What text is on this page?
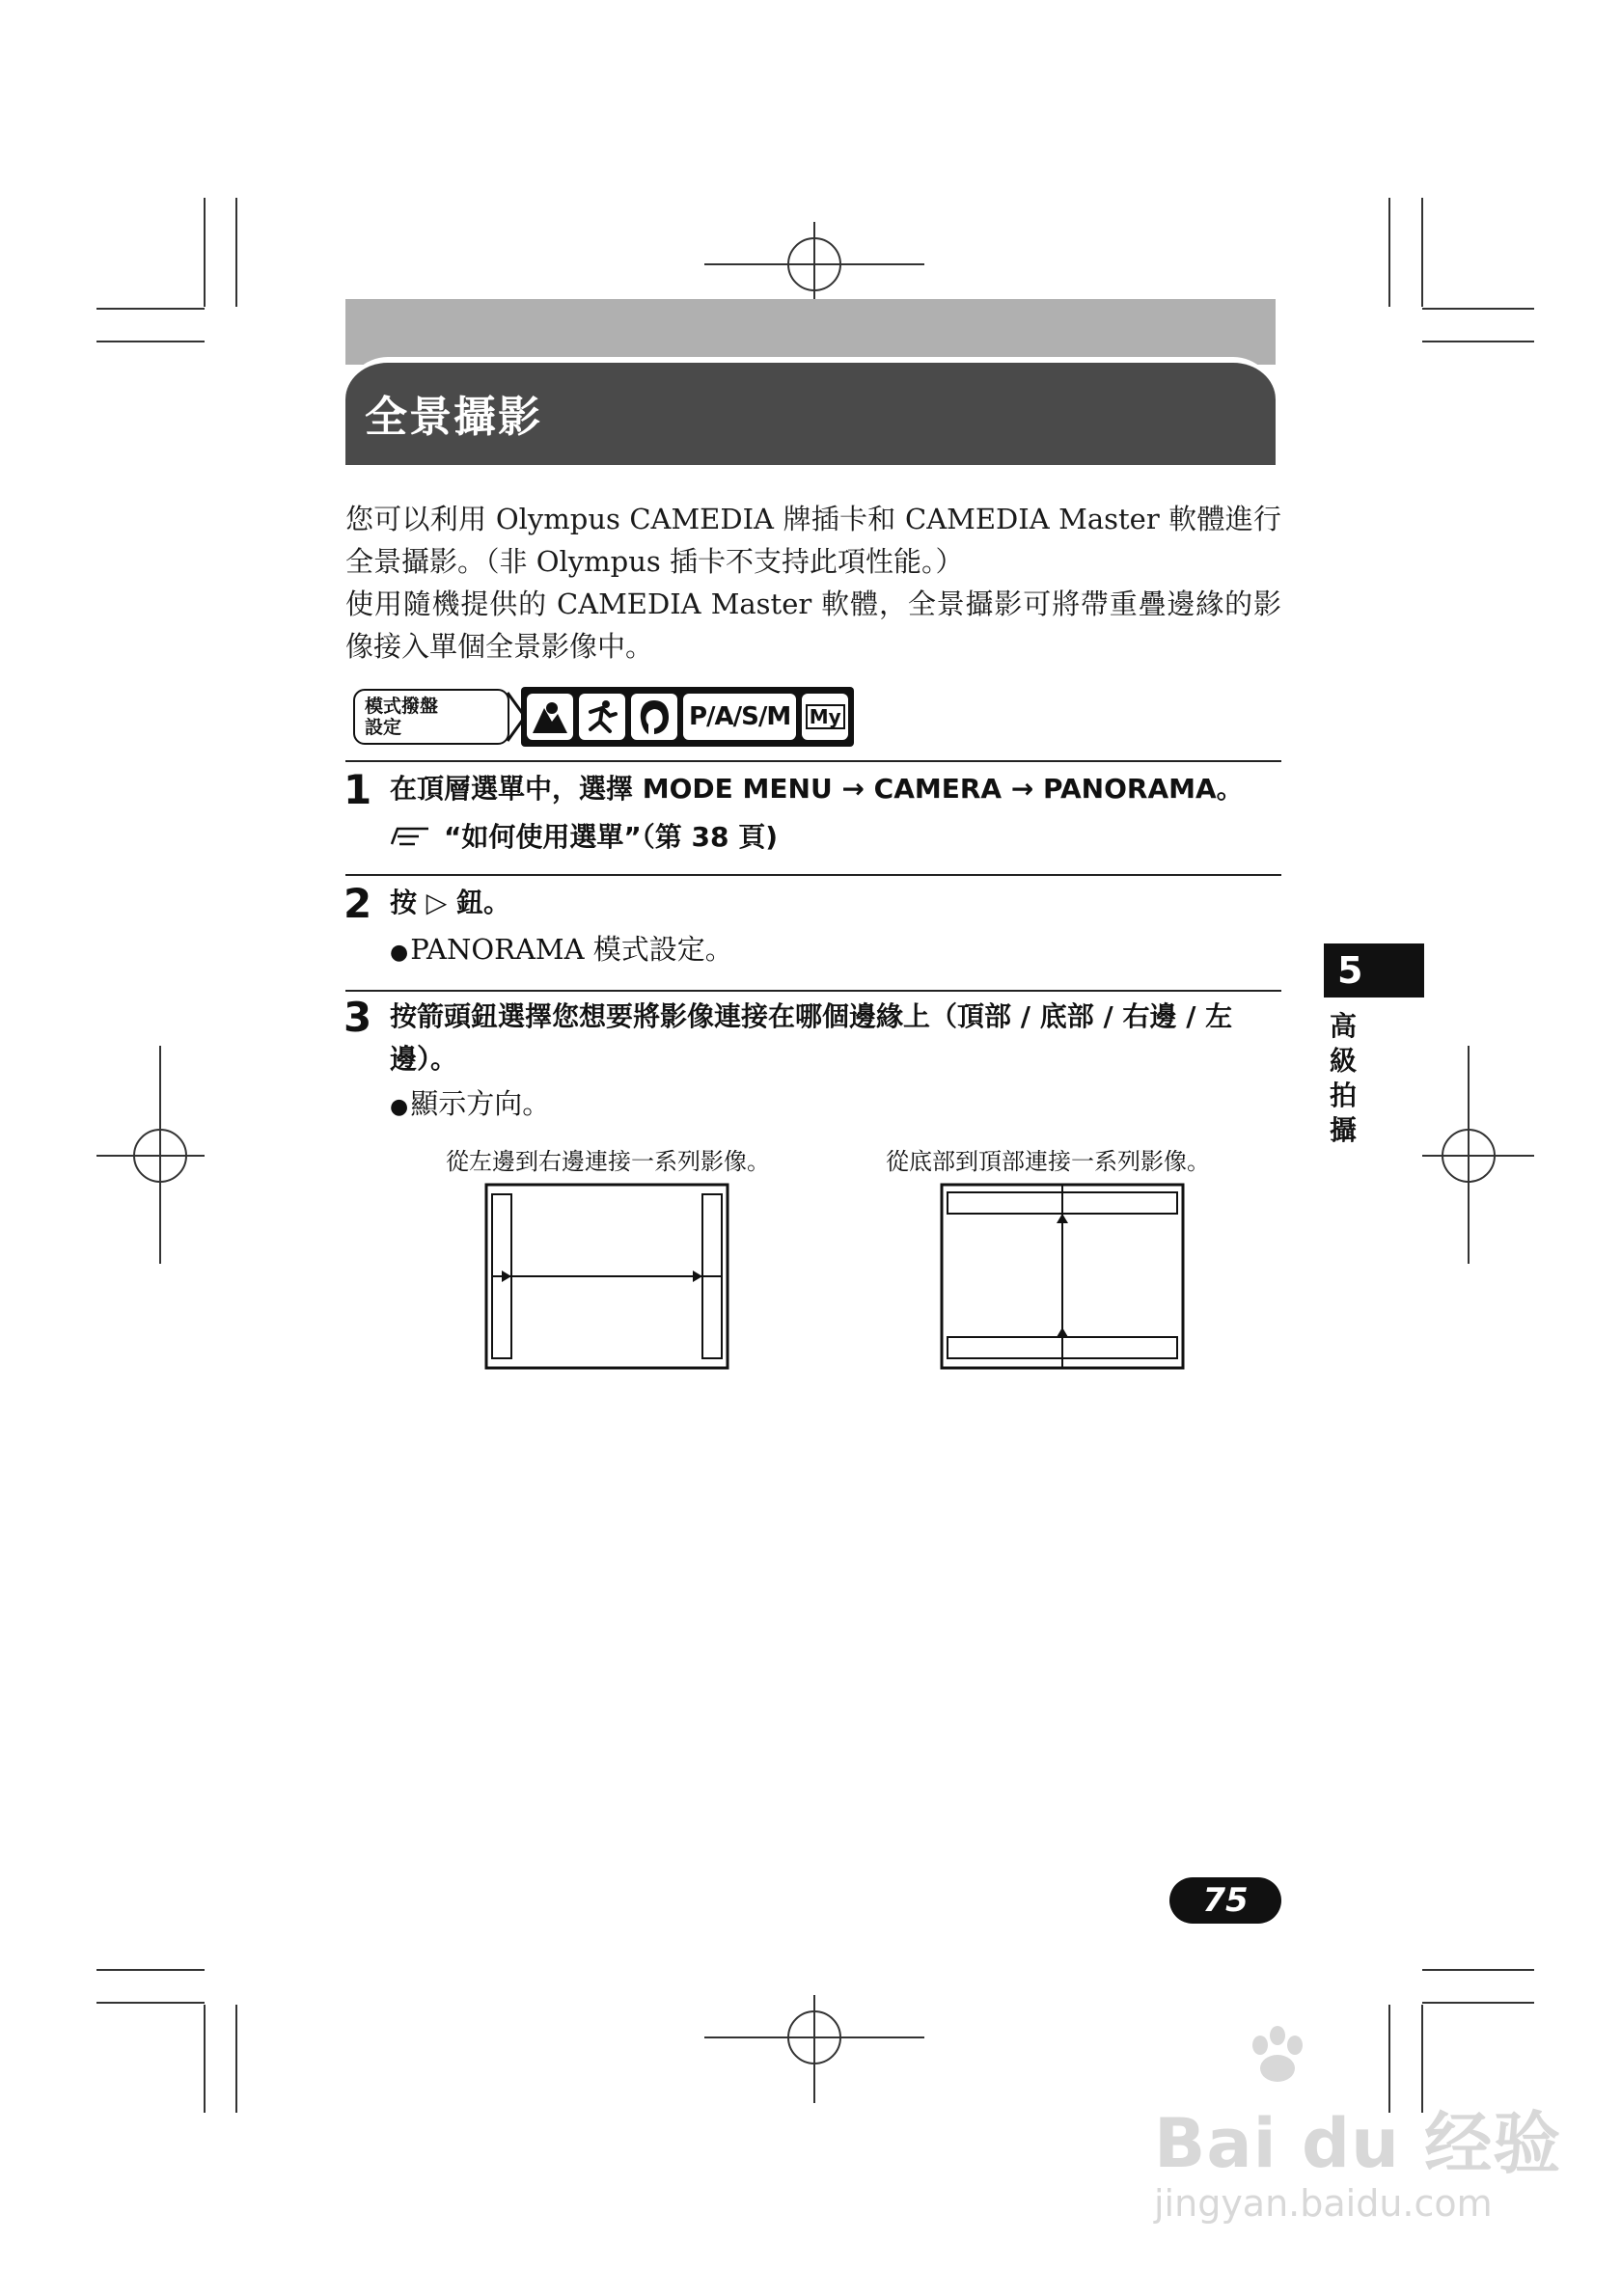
全景攝影

您可以利用 Olympus CAMEDIA 牌插卡和 CAMEDIA Master 軟體進行全景攝影。（非 Olympus 插卡不支持此項性能。）

使用隨機提供的 CAMEDIA Master 軟體，全景攝影可將帶重疊邊緣的影像接入單個全景影像中。

模式撥盤
設定	P/A/S/M My
1 在頂層選單中，選擇 MODE MENU → CAMERA → PANORAMA。
“如何使用選單”（第 38 頁)
2 按 ▷ 鈕。
●PANORAMA 模式設定。
3 按箭頭鈕選擇您想要將影像連接在哪個邊緣上（頂部 / 底部 / 右邊 / 左邊）。
●顯示方向。
從左邊到右邊連接一系列影像。	從底部到頂部連接一系列影像。
5
高級拍攝
75
Bai du 经验
jingyan.baidu.com
